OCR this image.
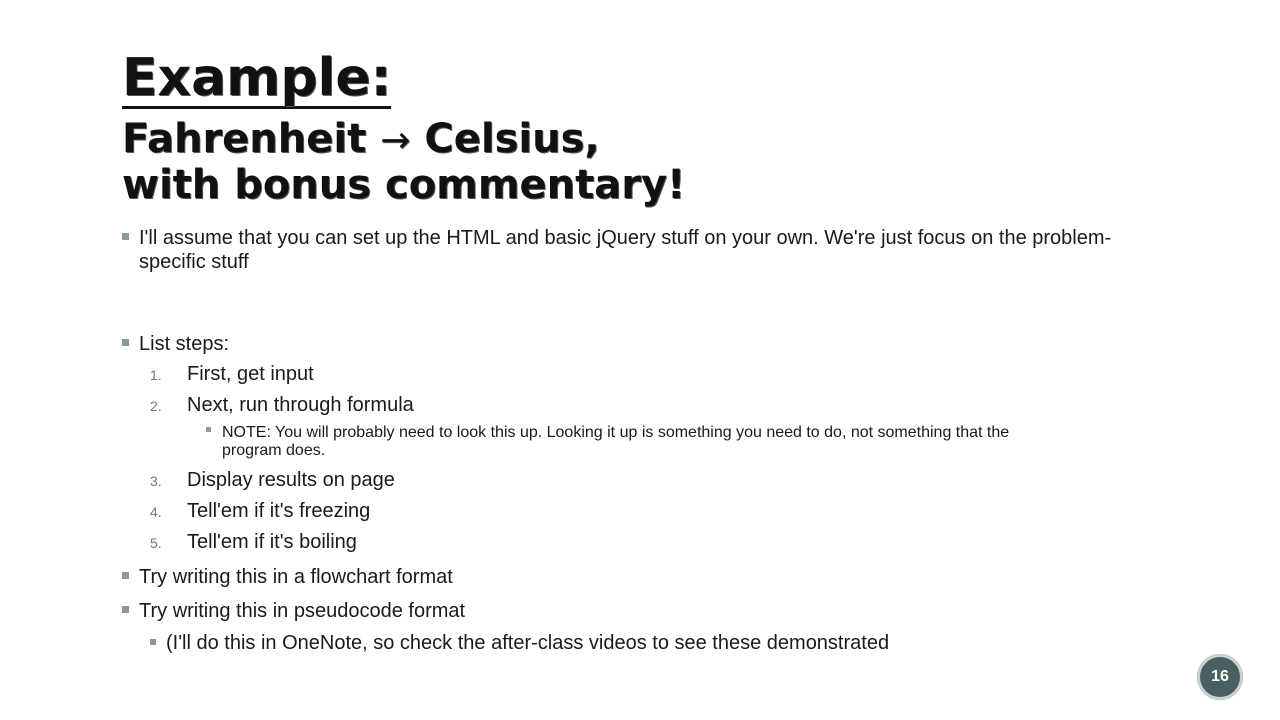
Example:
Fahrenheit → Celsius,
with bonus commentary!

I'll assume that you can set up the HTML and basic jQuery stuff on your own. We're just focus on the problem-specific stuff

List steps:

1. First, get input
2. Next, run through formula
NOTE: You will probably need to look this up. Looking it up is something you need to do, not something that the program does.
3. Display results on page
4. Tell'em if it's freezing
5. Tell'em if it's boiling

Try writing this in a flowchart format

Try writing this in pseudocode format

(I'll do this in OneNote, so check the after-class videos to see these demonstrated

16
